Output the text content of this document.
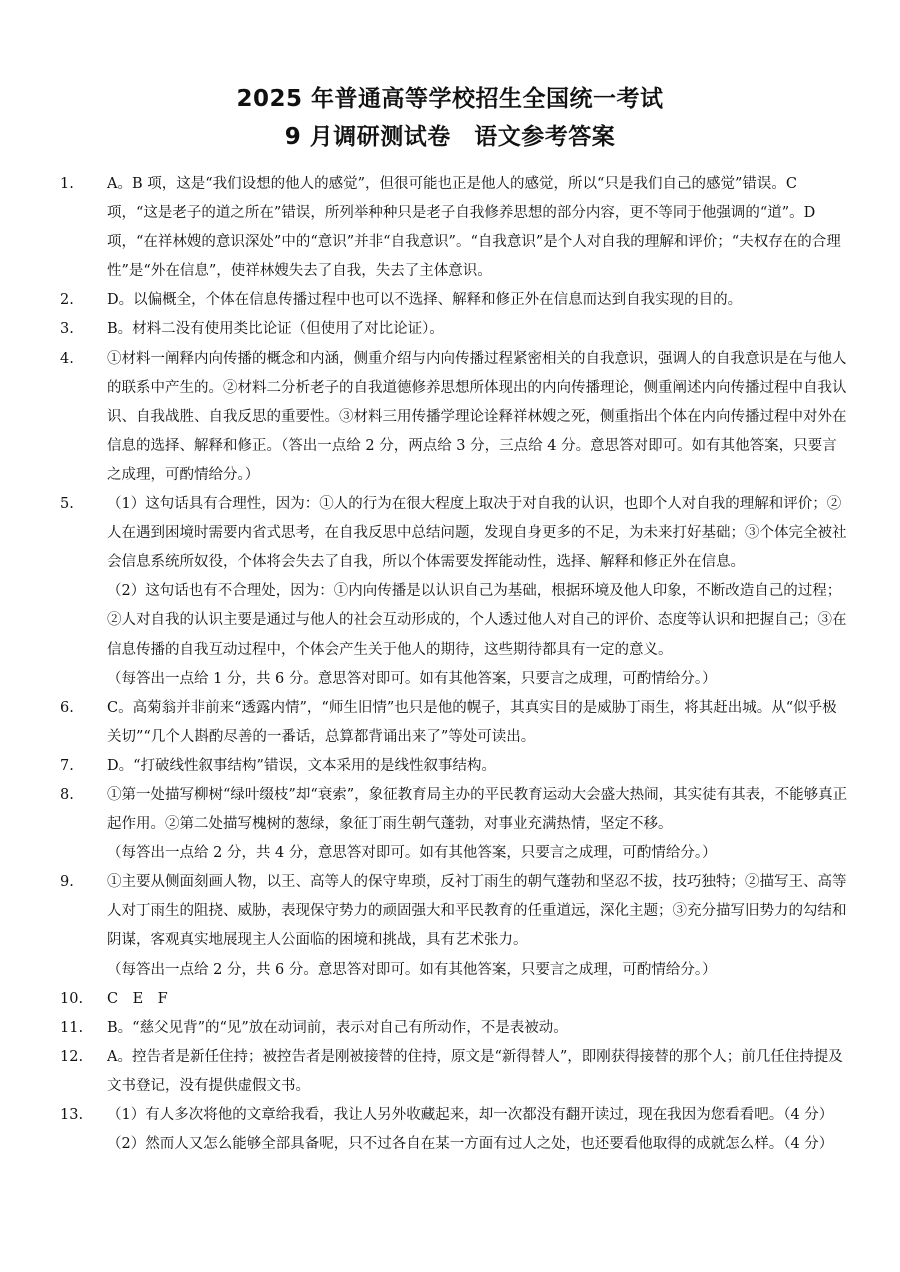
2025 年普通高等学校招生全国统一考试
9 月调研测试卷　语文参考答案
1.	A。B 项，这是“我们设想的他人的感觉”，但很可能也正是他人的感觉，所以“只是我们自己的感觉”错误。C 项，“这是老子的道之所在”错误，所列举种种只是老子自我修养思想的部分内容，更不等同于他强调的“道”。D 项，“在祥林嫂的意识深处”中的“意识”并非“自我意识”。“自我意识”是个人对自我的理解和评价；“夫权存在的合理性”是“外在信息”，使祥林嫂失去了自我，失去了主体意识。
2.	D。以偏概全，个体在信息传播过程中也可以不选择、解释和修正外在信息而达到自我实现的目的。
3.	B。材料二没有使用类比论证（但使用了对比论证）。
4.	①材料一阐释内向传播的概念和内涵，侧重介绍与内向传播过程紧密相关的自我意识，强调人的自我意识是在与他人的联系中产生的。②材料二分析老子的自我道德修养思想所体现出的内向传播理论，侧重阐述内向传播过程中自我认识、自我战胜、自我反思的重要性。③材料三用传播学理论诠释祥林嫂之死，侧重指出个体在内向传播过程中对外在信息的选择、解释和修正。（答出一点给 2 分，两点给 3 分，三点给 4 分。意思答对即可。如有其他答案，只要言之成理，可酌情给分。）
5.	（1）这句话具有合理性，因为：①人的行为在很大程度上取决于对自我的认识，也即个人对自我的理解和评价；②人在遇到困境时需要内省式思考，在自我反思中总结问题，发现自身更多的不足，为未来打好基础；③个体完全被社会信息系统所奴役，个体将会失去了自我，所以个体需要发挥能动性，选择、解释和修正外在信息。
（2）这句话也有不合理处，因为：①内向传播是以认识自己为基础，根据环境及他人印象，不断改造自己的过程；②人对自我的认识主要是通过与他人的社会互动形成的，个人透过他人对自己的评价、态度等认识和把握自己；③在信息传播的自我互动过程中，个体会产生关于他人的期待，这些期待都具有一定的意义。
（每答出一点给 1 分，共 6 分。意思答对即可。如有其他答案，只要言之成理，可酌情给分。）
6.	C。高菊翁并非前来“透露内情”，“师生旧情”也只是他的幌子，其真实目的是威胁丁雨生，将其赶出城。从“似乎极关切”“几个人斟酌尽善的一番话，总算都背诵出来了”等处可读出。
7.	D。“打破线性叙事结构”错误，文本采用的是线性叙事结构。
8.	①第一处描写柳树“绿叶缀枝”却“衰索”，象征教育局主办的平民教育运动大会盛大热闹，其实徒有其表，不能够真正起作用。②第二处描写槐树的葱绿，象征丁雨生朝气蓬勃，对事业充满热情，坚定不移。
（每答出一点给 2 分，共 4 分，意思答对即可。如有其他答案，只要言之成理，可酌情给分。）
9.	①主要从侧面刻画人物，以王、高等人的保守卑琐，反衬丁雨生的朝气蓬勃和坚忍不拔，技巧独特；②描写王、高等人对丁雨生的阻挠、威胁，表现保守势力的顽固强大和平民教育的任重道远，深化主题；③充分描写旧势力的勾结和阴谋，客观真实地展现主人公面临的困境和挑战，具有艺术张力。
（每答出一点给 2 分，共 6 分。意思答对即可。如有其他答案，只要言之成理，可酌情给分。）
10.	C　E　F
11.	B。“慈父见背”的“见”放在动词前，表示对自己有所动作，不是表被动。
12.	A。控告者是新任住持；被控告者是刚被接替的住持，原文是“新得替人”，即刚获得接替的那个人；前几任住持提及文书登记，没有提供虚假文书。
13.	（1）有人多次将他的文章给我看，我让人另外收藏起来，却一次都没有翻开读过，现在我因为您看看吧。（4 分）
（2）然而人又怎么能够全部具备呢，只不过各自在某一方面有过人之处，也还要看他取得的成就怎么样。（4 分）
